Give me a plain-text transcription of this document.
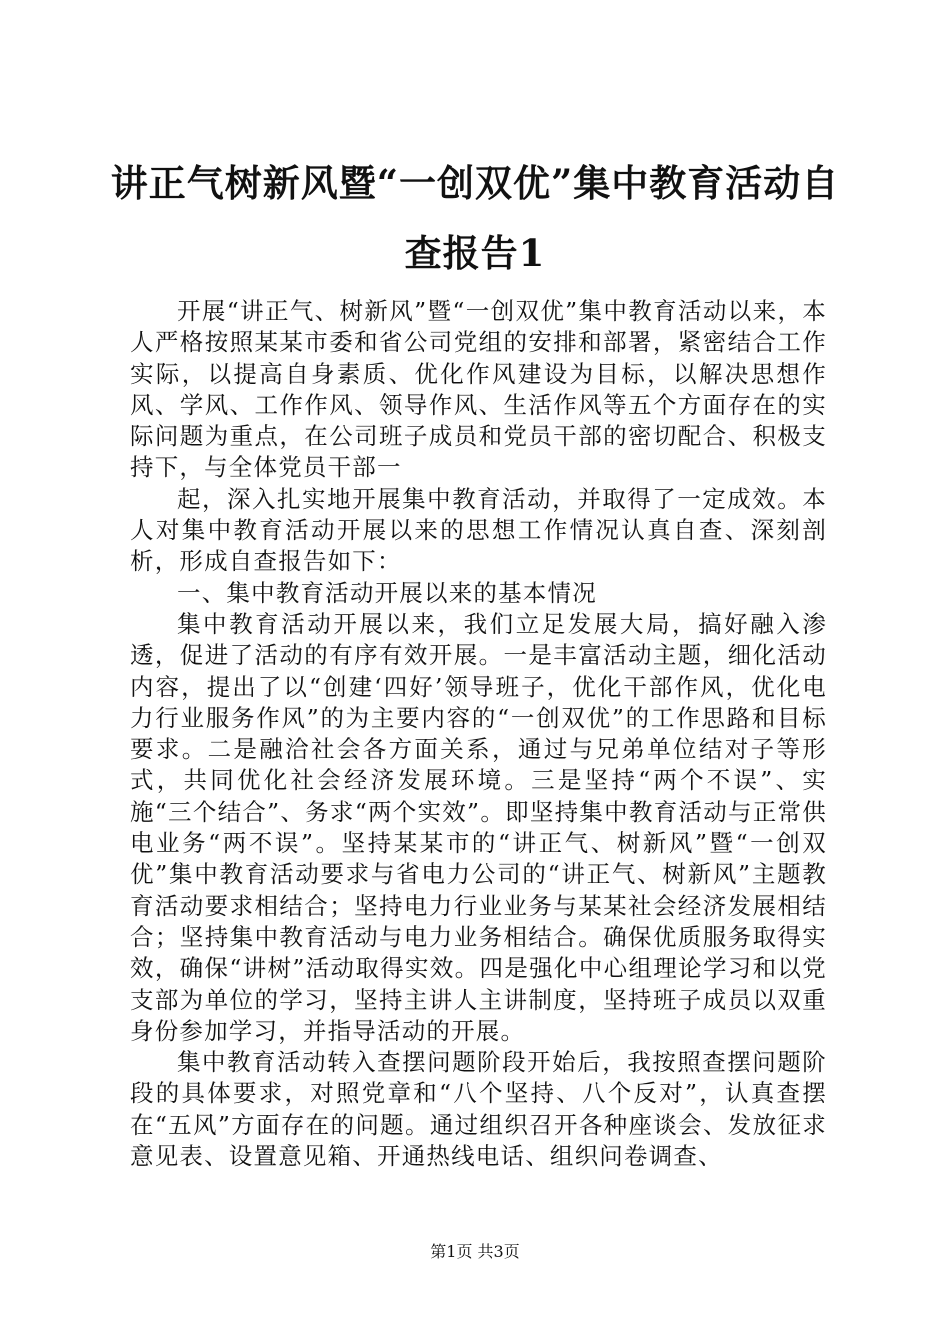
讲正气树新风暨“一创双优”集中教育活动自查报告1

开展“讲正气、树新风”暨“一创双优”集中教育活动以来，本人严格按照某某市委和省公司党组的安排和部署，紧密结合工作实际，以提高自身素质、优化作风建设为目标，以解决思想作风、学风、工作作风、领导作风、生活作风等五个方面存在的实际问题为重点，在公司班子成员和党员干部的密切配合、积极支持下，与全体党员干部一

起，深入扎实地开展集中教育活动，并取得了一定成效。本人对集中教育活动开展以来的思想工作情况认真自查、深刻剖析，形成自查报告如下：

一、集中教育活动开展以来的基本情况

集中教育活动开展以来，我们立足发展大局，搞好融入渗透，促进了活动的有序有效开展。一是丰富活动主题，细化活动内容，提出了以“创建‘四好’领导班子，优化干部作风，优化电力行业服务作风”的为主要内容的“一创双优”的工作思路和目标要求。二是融洽社会各方面关系，通过与兄弟单位结对子等形式，共同优化社会经济发展环境。三是坚持“两个不误”、实施“三个结合”、务求“两个实效”。即坚持集中教育活动与正常供电业务“两不误”。坚持某某市的“讲正气、树新风”暨“一创双优”集中教育活动要求与省电力公司的“讲正气、树新风”主题教育活动要求相结合；坚持电力行业业务与某某社会经济发展相结合；坚持集中教育活动与电力业务相结合。确保优质服务取得实效，确保“讲树”活动取得实效。四是强化中心组理论学习和以党支部为单位的学习，坚持主讲人主讲制度，坚持班子成员以双重身份参加学习，并指导活动的开展。

集中教育活动转入查摆问题阶段开始后，我按照查摆问题阶段的具体要求，对照党章和“八个坚持、八个反对”，认真查摆在“五风”方面存在的问题。通过组织召开各种座谈会、发放征求意见表、设置意见箱、开通热线电话、组织问卷调查、

第1页 共3页
